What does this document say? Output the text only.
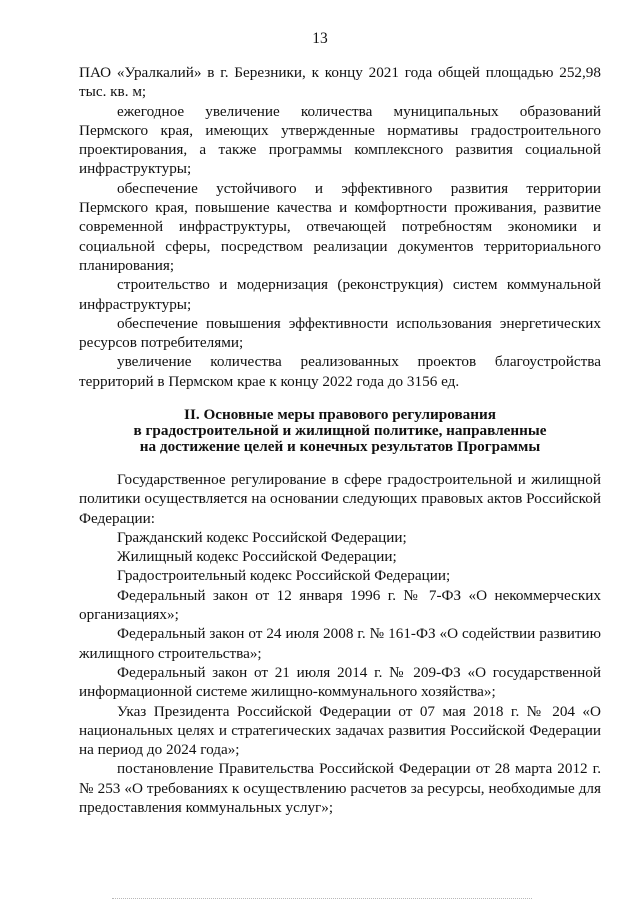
13

ПАО «Уралкалий» в г. Березники, к концу 2021 года общей площадью 252,98 тыс. кв. м;

ежегодное увеличение количества муниципальных образований Пермского края, имеющих утвержденные нормативы градостроительного проектирования, а также программы комплексного развития социальной инфраструктуры;

обеспечение устойчивого и эффективного развития территории Пермского края, повышение качества и комфортности проживания, развитие современной инфраструктуры, отвечающей потребностям экономики и социальной сферы, посредством реализации документов территориального планирования;

строительство и модернизация (реконструкция) систем коммунальной инфраструктуры;

обеспечение повышения эффективности использования энергетических ресурсов потребителями;

увеличение количества реализованных проектов благоустройства территорий в Пермском крае к концу 2022 года до 3156 ед.

II. Основные меры правового регулирования
в градостроительной и жилищной политике, направленные
на достижение целей и конечных результатов Программы

Государственное регулирование в сфере градостроительной и жилищной политики осуществляется на основании следующих правовых актов Российской Федерации:

Гражданский кодекс Российской Федерации;

Жилищный кодекс Российской Федерации;

Градостроительный кодекс Российской Федерации;

Федеральный закон от 12 января 1996 г. № 7-ФЗ «О некоммерческих организациях»;

Федеральный закон от 24 июля 2008 г. № 161-ФЗ «О содействии развитию жилищного строительства»;

Федеральный закон от 21 июля 2014 г. № 209-ФЗ «О государственной информационной системе жилищно-коммунального хозяйства»;

Указ Президента Российской Федерации от 07 мая 2018 г. № 204 «О национальных целях и стратегических задачах развития Российской Федерации на период до 2024 года»;

постановление Правительства Российской Федерации от 28 марта 2012 г. № 253 «О требованиях к осуществлению расчетов за ресурсы, необходимые для предоставления коммунальных услуг»;
